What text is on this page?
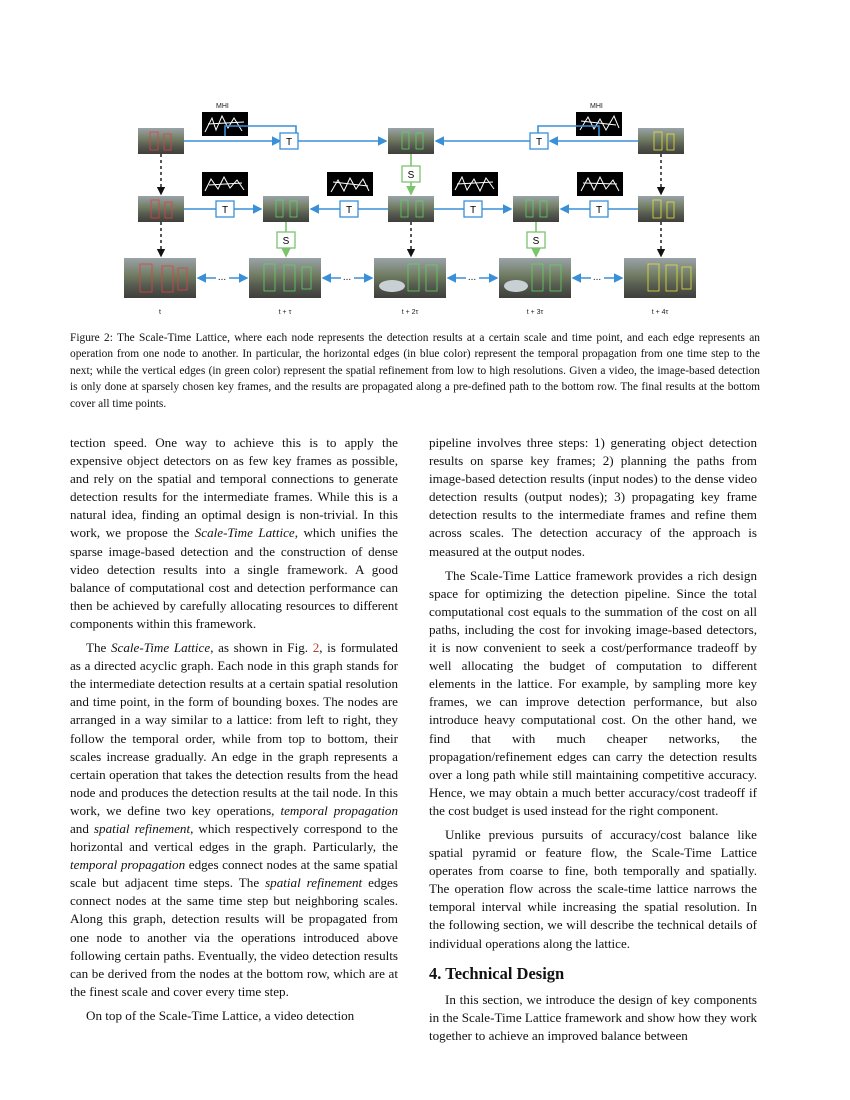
MHI	MHI
T	T
S
T	T	T	T
S	S
...	...	...	...
t	t + τ	t + 2τ	t + 3τ	t + 4τ
Figure 2: The Scale-Time Lattice, where each node represents the detection results at a certain scale and time point, and each edge represents an operation from one node to another. In particular, the horizontal edges (in blue color) represent the temporal propagation from one time step to the next; while the vertical edges (in green color) represent the spatial refinement from low to high resolutions. Given a video, the image-based detection is only done at sparsely chosen key frames, and the results are propagated along a pre-defined path to the bottom row. The final results at the bottom cover all time points.

tection speed. One way to achieve this is to apply the expensive object detectors on as few key frames as possible, and rely on the spatial and temporal connections to generate detection results for the intermediate frames. While this is a natural idea, finding an optimal design is non-trivial. In this work, we propose the Scale-Time Lattice, which unifies the sparse image-based detection and the construction of dense video detection results into a single framework. A good balance of computational cost and detection performance can then be achieved by carefully allocating resources to different components within this framework.

The Scale-Time Lattice, as shown in Fig. 2, is formulated as a directed acyclic graph. Each node in this graph stands for the intermediate detection results at a certain spatial resolution and time point, in the form of bounding boxes. The nodes are arranged in a way similar to a lattice: from left to right, they follow the temporal order, while from top to bottom, their scales increase gradually. An edge in the graph represents a certain operation that takes the detection results from the head node and produces the detection results at the tail node. In this work, we define two key operations, temporal propagation and spatial refinement, which respectively correspond to the horizontal and vertical edges in the graph. Particularly, the temporal propagation edges connect nodes at the same spatial scale but adjacent time steps. The spatial refinement edges connect nodes at the same time step but neighboring scales. Along this graph, detection results will be propagated from one node to another via the operations introduced above following certain paths. Eventually, the video detection results can be derived from the nodes at the bottom row, which are at the finest scale and cover every time step.

On top of the Scale-Time Lattice, a video detection

pipeline involves three steps: 1) generating object detection results on sparse key frames; 2) planning the paths from image-based detection results (input nodes) to the dense video detection results (output nodes); 3) propagating key frame detection results to the intermediate frames and refine them across scales. The detection accuracy of the approach is measured at the output nodes.

The Scale-Time Lattice framework provides a rich design space for optimizing the detection pipeline. Since the total computational cost equals to the summation of the cost on all paths, including the cost for invoking image-based detectors, it is now convenient to seek a cost/performance tradeoff by well allocating the budget of computation to different elements in the lattice. For example, by sampling more key frames, we can improve detection performance, but also introduce heavy computational cost. On the other hand, we find that with much cheaper networks, the propagation/refinement edges can carry the detection results over a long path while still maintaining competitive accuracy. Hence, we may obtain a much better accuracy/cost tradeoff if the cost budget is used instead for the right component.

Unlike previous pursuits of accuracy/cost balance like spatial pyramid or feature flow, the Scale-Time Lattice operates from coarse to fine, both temporally and spatially. The operation flow across the scale-time lattice narrows the temporal interval while increasing the spatial resolution. In the following section, we will describe the technical details of individual operations along the lattice.

4. Technical Design

In this section, we introduce the design of key components in the Scale-Time Lattice framework and show how they work together to achieve an improved balance between
